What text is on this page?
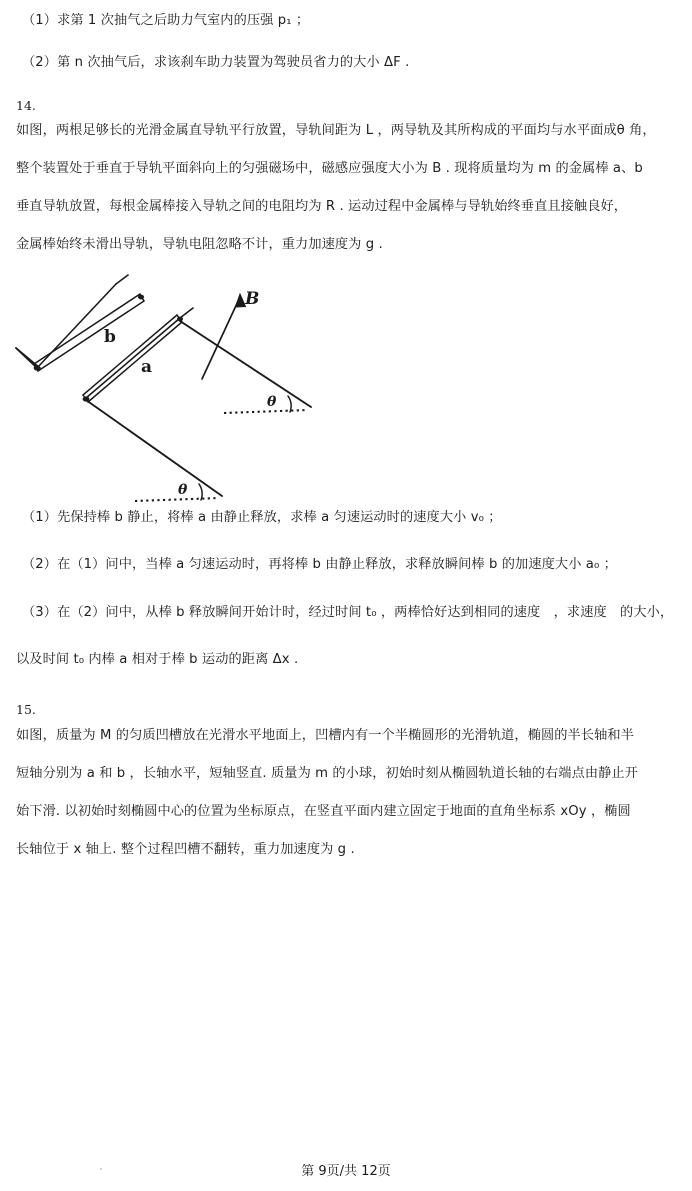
（1）求第 1 次抽气之后助力气室内的压强 p₁ ；
（2）第 n 次抽气后，求该刹车助力装置为驾驶员省力的大小 ΔF .
14.
如图，两根足够长的光滑金属直导轨平行放置，导轨间距为 L ，两导轨及其所构成的平面均与水平面成θ 角，
整个装置处于垂直于导轨平面斜向上的匀强磁场中，磁感应强度大小为 B . 现将质量均为 m 的金属棒 a、b
垂直导轨放置，每根金属棒接入导轨之间的电阻均为 R . 运动过程中金属棒与导轨始终垂直且接触良好，
金属棒始终未滑出导轨，导轨电阻忽略不计，重力加速度为 g .
b
a
B
θ
θ
（1）先保持棒 b 静止，将棒 a 由静止释放，求棒 a 匀速运动时的速度大小 v₀ ；
（2）在（1）问中，当棒 a 匀速运动时，再将棒 b 由静止释放，求释放瞬间棒 b 的加速度大小 a₀ ；
（3）在（2）问中，从棒 b 释放瞬间开始计时，经过时间 t₀ ，两棒恰好达到相同的速度　，求速度　的大小，
以及时间 t₀ 内棒 a 相对于棒 b 运动的距离 Δx .
15.
如图，质量为 M 的匀质凹槽放在光滑水平地面上，凹槽内有一个半椭圆形的光滑轨道，椭圆的半长轴和半
短轴分别为 a 和 b ，长轴水平，短轴竖直. 质量为 m 的小球，初始时刻从椭圆轨道长轴的右端点由静止开
始下滑. 以初始时刻椭圆中心的位置为坐标原点，在竖直平面内建立固定于地面的直角坐标系 xOy ，椭圆
长轴位于 x 轴上. 整个过程凹槽不翻转，重力加速度为 g .
第 9页/共 12页
